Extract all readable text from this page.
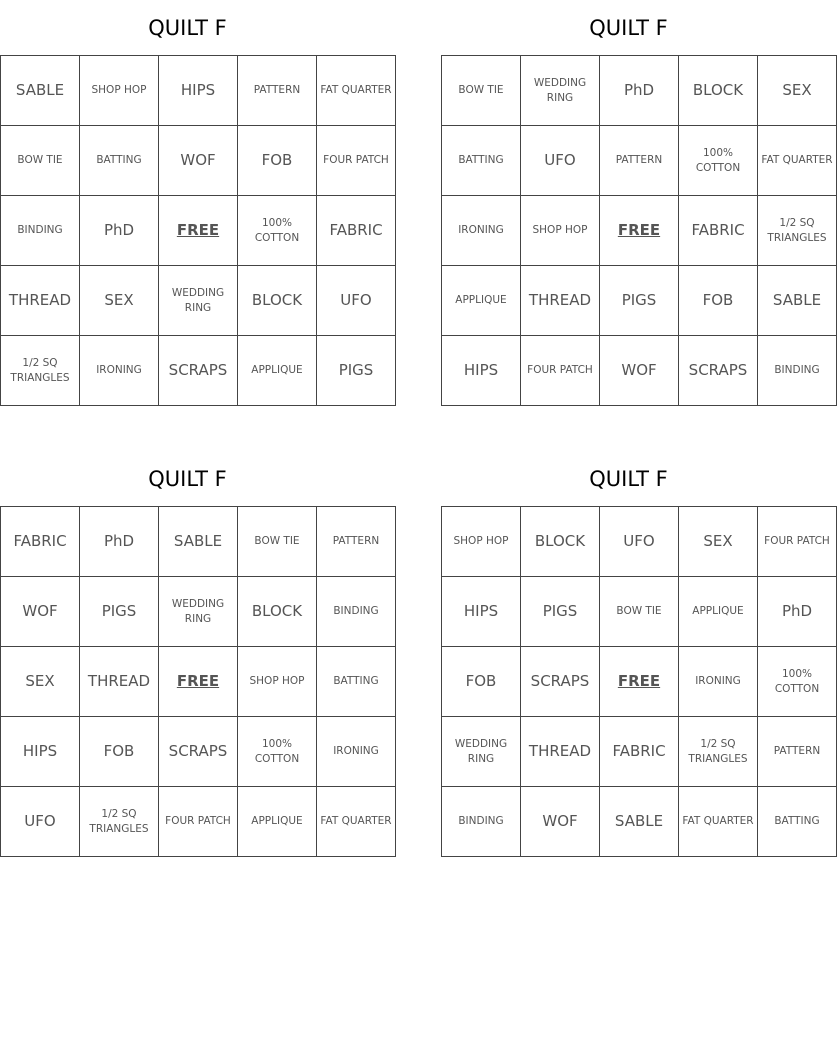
QUILT F
SABLE	SHOP HOP	HIPS	PATTERN	FAT QUARTER
BOW TIE	BATTING	WOF	FOB	FOUR PATCH
BINDING	PhD	FREE	100% COTTON	FABRIC
THREAD	SEX	WEDDING RING	BLOCK	UFO
1/2 SQ TRIANGLES	IRONING	SCRAPS	APPLIQUE	PIGS
QUILT F
BOW TIE	WEDDING RING	PhD	BLOCK	SEX
BATTING	UFO	PATTERN	100% COTTON	FAT QUARTER
IRONING	SHOP HOP	FREE	FABRIC	1/2 SQ TRIANGLES
APPLIQUE	THREAD	PIGS	FOB	SABLE
HIPS	FOUR PATCH	WOF	SCRAPS	BINDING
QUILT F
FABRIC	PhD	SABLE	BOW TIE	PATTERN
WOF	PIGS	WEDDING RING	BLOCK	BINDING
SEX	THREAD	FREE	SHOP HOP	BATTING
HIPS	FOB	SCRAPS	100% COTTON	IRONING
UFO	1/2 SQ TRIANGLES	FOUR PATCH	APPLIQUE	FAT QUARTER
QUILT F
SHOP HOP	BLOCK	UFO	SEX	FOUR PATCH
HIPS	PIGS	BOW TIE	APPLIQUE	PhD
FOB	SCRAPS	FREE	IRONING	100% COTTON
WEDDING RING	THREAD	FABRIC	1/2 SQ TRIANGLES	PATTERN
BINDING	WOF	SABLE	FAT QUARTER	BATTING
